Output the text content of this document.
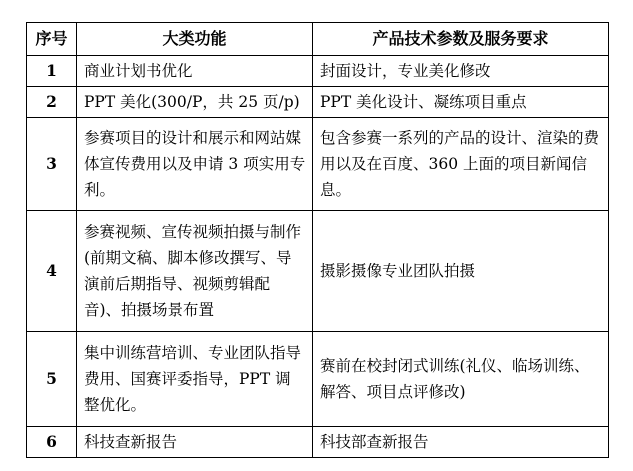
序号	大类功能	产品技术参数及服务要求
1	商业计划书优化	封面设计，专业美化修改

2	PPT 美化(300/P，共 25 页/p)	PPT 美化设计、凝练项目重点

3	参赛项目的设计和展示和网站媒体宣传费用以及申请 3 项实用专利。	包含参赛一系列的产品的设计、渲染的费用以及在百度、360 上面的项目新闻信息。

4	参赛视频、宣传视频拍摄与制作(前期文稿、脚本修改撰写、导演前后期指导、视频剪辑配音)、拍摄场景布置	摄影摄像专业团队拍摄

5	集中训练营培训、专业团队指导费用、国赛评委指导，PPT 调整优化。	赛前在校封闭式训练(礼仪、临场训练、解答、项目点评修改)

6	科技查新报告	科技部查新报告
